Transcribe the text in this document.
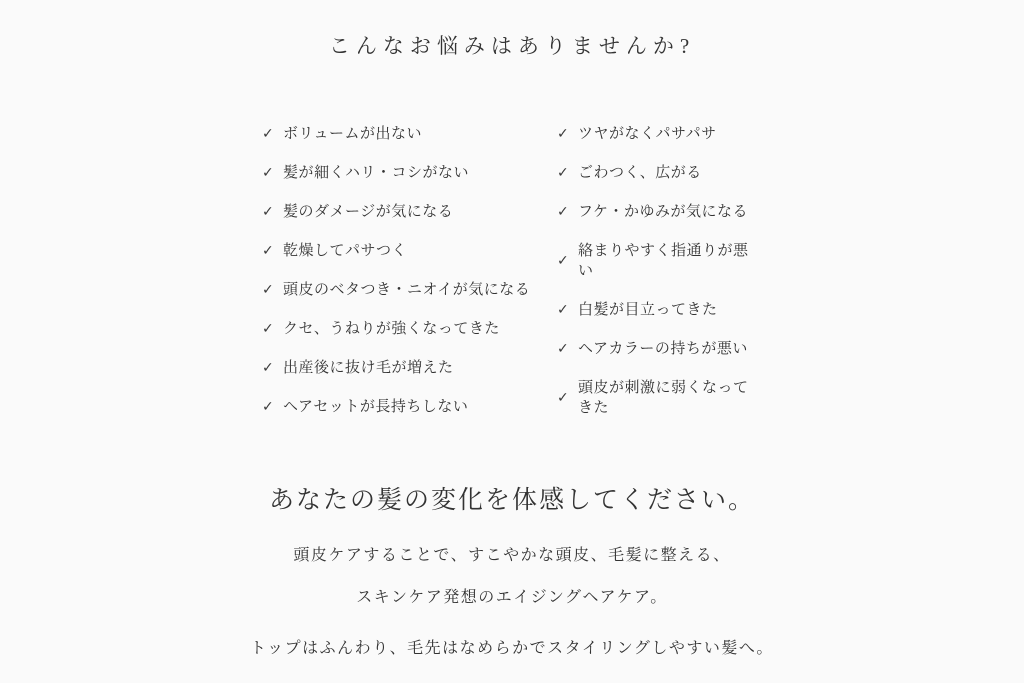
こんなお悩みはありませんか?
✓ ボリュームが出ない
✓ 髪が細くハリ・コシがない
✓ 髪のダメージが気になる
✓ 乾燥してパサつく
✓ 頭皮のベタつき・ニオイが気になる
✓ クセ、うねりが強くなってきた
✓ 出産後に抜け毛が増えた
✓ ヘアセットが長持ちしない
✓ ツヤがなくパサパサ
✓ ごわつく、広がる
✓ フケ・かゆみが気になる
✓
絡まりやすく指通りが悪い
✓ 白髪が目立ってきた
✓ ヘアカラーの持ちが悪い
✓
頭皮が刺激に弱くなってきた
あなたの髪の変化を体感してください。

頭皮ケアすることで、すこやかな頭皮、毛髪に整える、
スキンケア発想のエイジングヘアケア。

トップはふんわり、毛先はなめらかでスタイリングしやすい髪へ。
